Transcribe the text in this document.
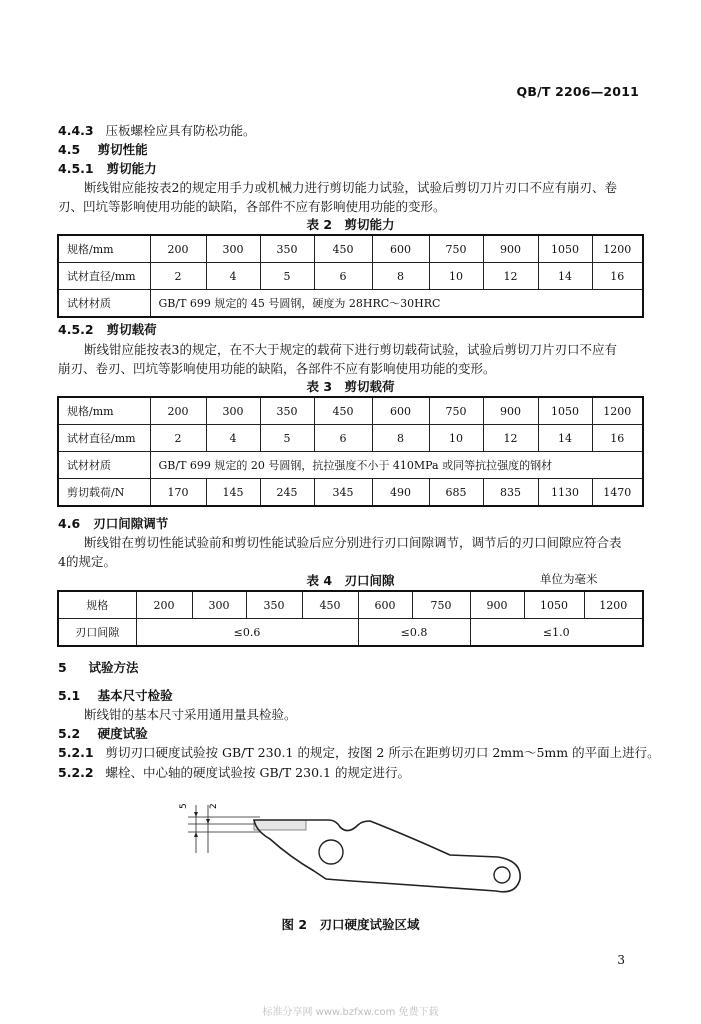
QB/T 2206—2011
4.4.3 压板螺栓应具有防松功能。
4.5 剪切性能
4.5.1 剪切能力
断线钳应能按表2的规定用手力或机械力进行剪切能力试验，试验后剪切刀片刃口不应有崩刃、卷
刃、凹坑等影响使用功能的缺陷，各部件不应有影响使用功能的变形。
表 2　剪切能力
规格/mm	200	300	350	450	600	750	900	1050	1200
试材直径/mm	2	4	5	6	8	10	12	14	16
试材材质	GB/T 699 规定的 45 号圆钢，硬度为 28HRC～30HRC								
4.5.2 剪切载荷
断线钳应能按表3的规定，在不大于规定的载荷下进行剪切载荷试验，试验后剪切刀片刃口不应有
崩刃、卷刃、凹坑等影响使用功能的缺陷，各部件不应有影响使用功能的变形。
表 3　剪切载荷
规格/mm	200	300	350	450	600	750	900	1050	1200
试材直径/mm	2	4	5	6	8	10	12	14	16
试材材质	GB/T 699 规定的 20 号圆钢，抗拉强度不小于 410MPa 或同等抗拉强度的钢材								
剪切载荷/N	170	145	245	345	490	685	835	1130	1470
4.6 刃口间隙调节
断线钳在剪切性能试验前和剪切性能试验后应分别进行刃口间隙调节，调节后的刃口间隙应符合表
4的规定。
表 4　刃口间隙	单位为毫米
规格	200	300	350	450	600	750	900	1050	1200
刃口间隙	≤0.6				≤0.8		≤1.0		
5 试验方法
5.1 基本尺寸检验
断线钳的基本尺寸采用通用量具检验。
5.2 硬度试验
5.2.1 剪切刃口硬度试验按 GB/T 230.1 的规定，按图 2 所示在距剪切刃口 2mm～5mm 的平面上进行。
5.2.2 螺栓、中心轴的硬度试验按 GB/T 230.1 的规定进行。
5 2
图 2　刃口硬度试验区域
3
标准分享网 www.bzfxw.com 免费下载
